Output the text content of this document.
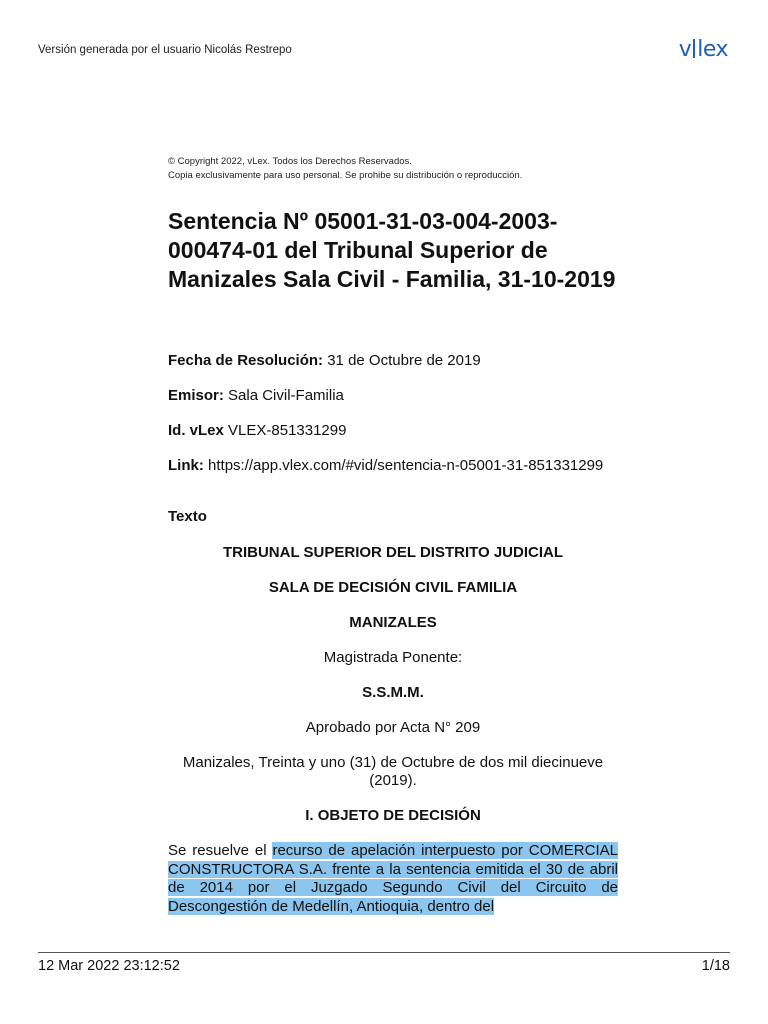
Versión generada por el usuario Nicolás Restrepo	v lex
© Copyright 2022, vLex. Todos los Derechos Reservados.
Copia exclusivamente para uso personal. Se prohibe su distribución o reproducción.
Sentencia Nº 05001-31-03-004-2003-000474-01 del Tribunal Superior de Manizales Sala Civil - Familia, 31-10-2019
Fecha de Resolución: 31 de Octubre de 2019
Emisor: Sala Civil-Familia
Id. vLex VLEX-851331299
Link: https://app.vlex.com/#vid/sentencia-n-05001-31-851331299
Texto
TRIBUNAL SUPERIOR DEL DISTRITO JUDICIAL
SALA DE DECISIÓN CIVIL FAMILIA
MANIZALES
Magistrada Ponente:
S.S.M.M.
Aprobado por Acta N° 209
Manizales, Treinta y uno (31) de Octubre de dos mil diecinueve (2019).
I. OBJETO DE DECISIÓN
Se resuelve el recurso de apelación interpuesto por COMERCIAL CONSTRUCTORA S.A. frente a la sentencia emitida el 30 de abril de 2014 por el Juzgado Segundo Civil del Circuito de Descongestión de Medellín, Antioquia, dentro del
12 Mar 2022 23:12:52	1/18
